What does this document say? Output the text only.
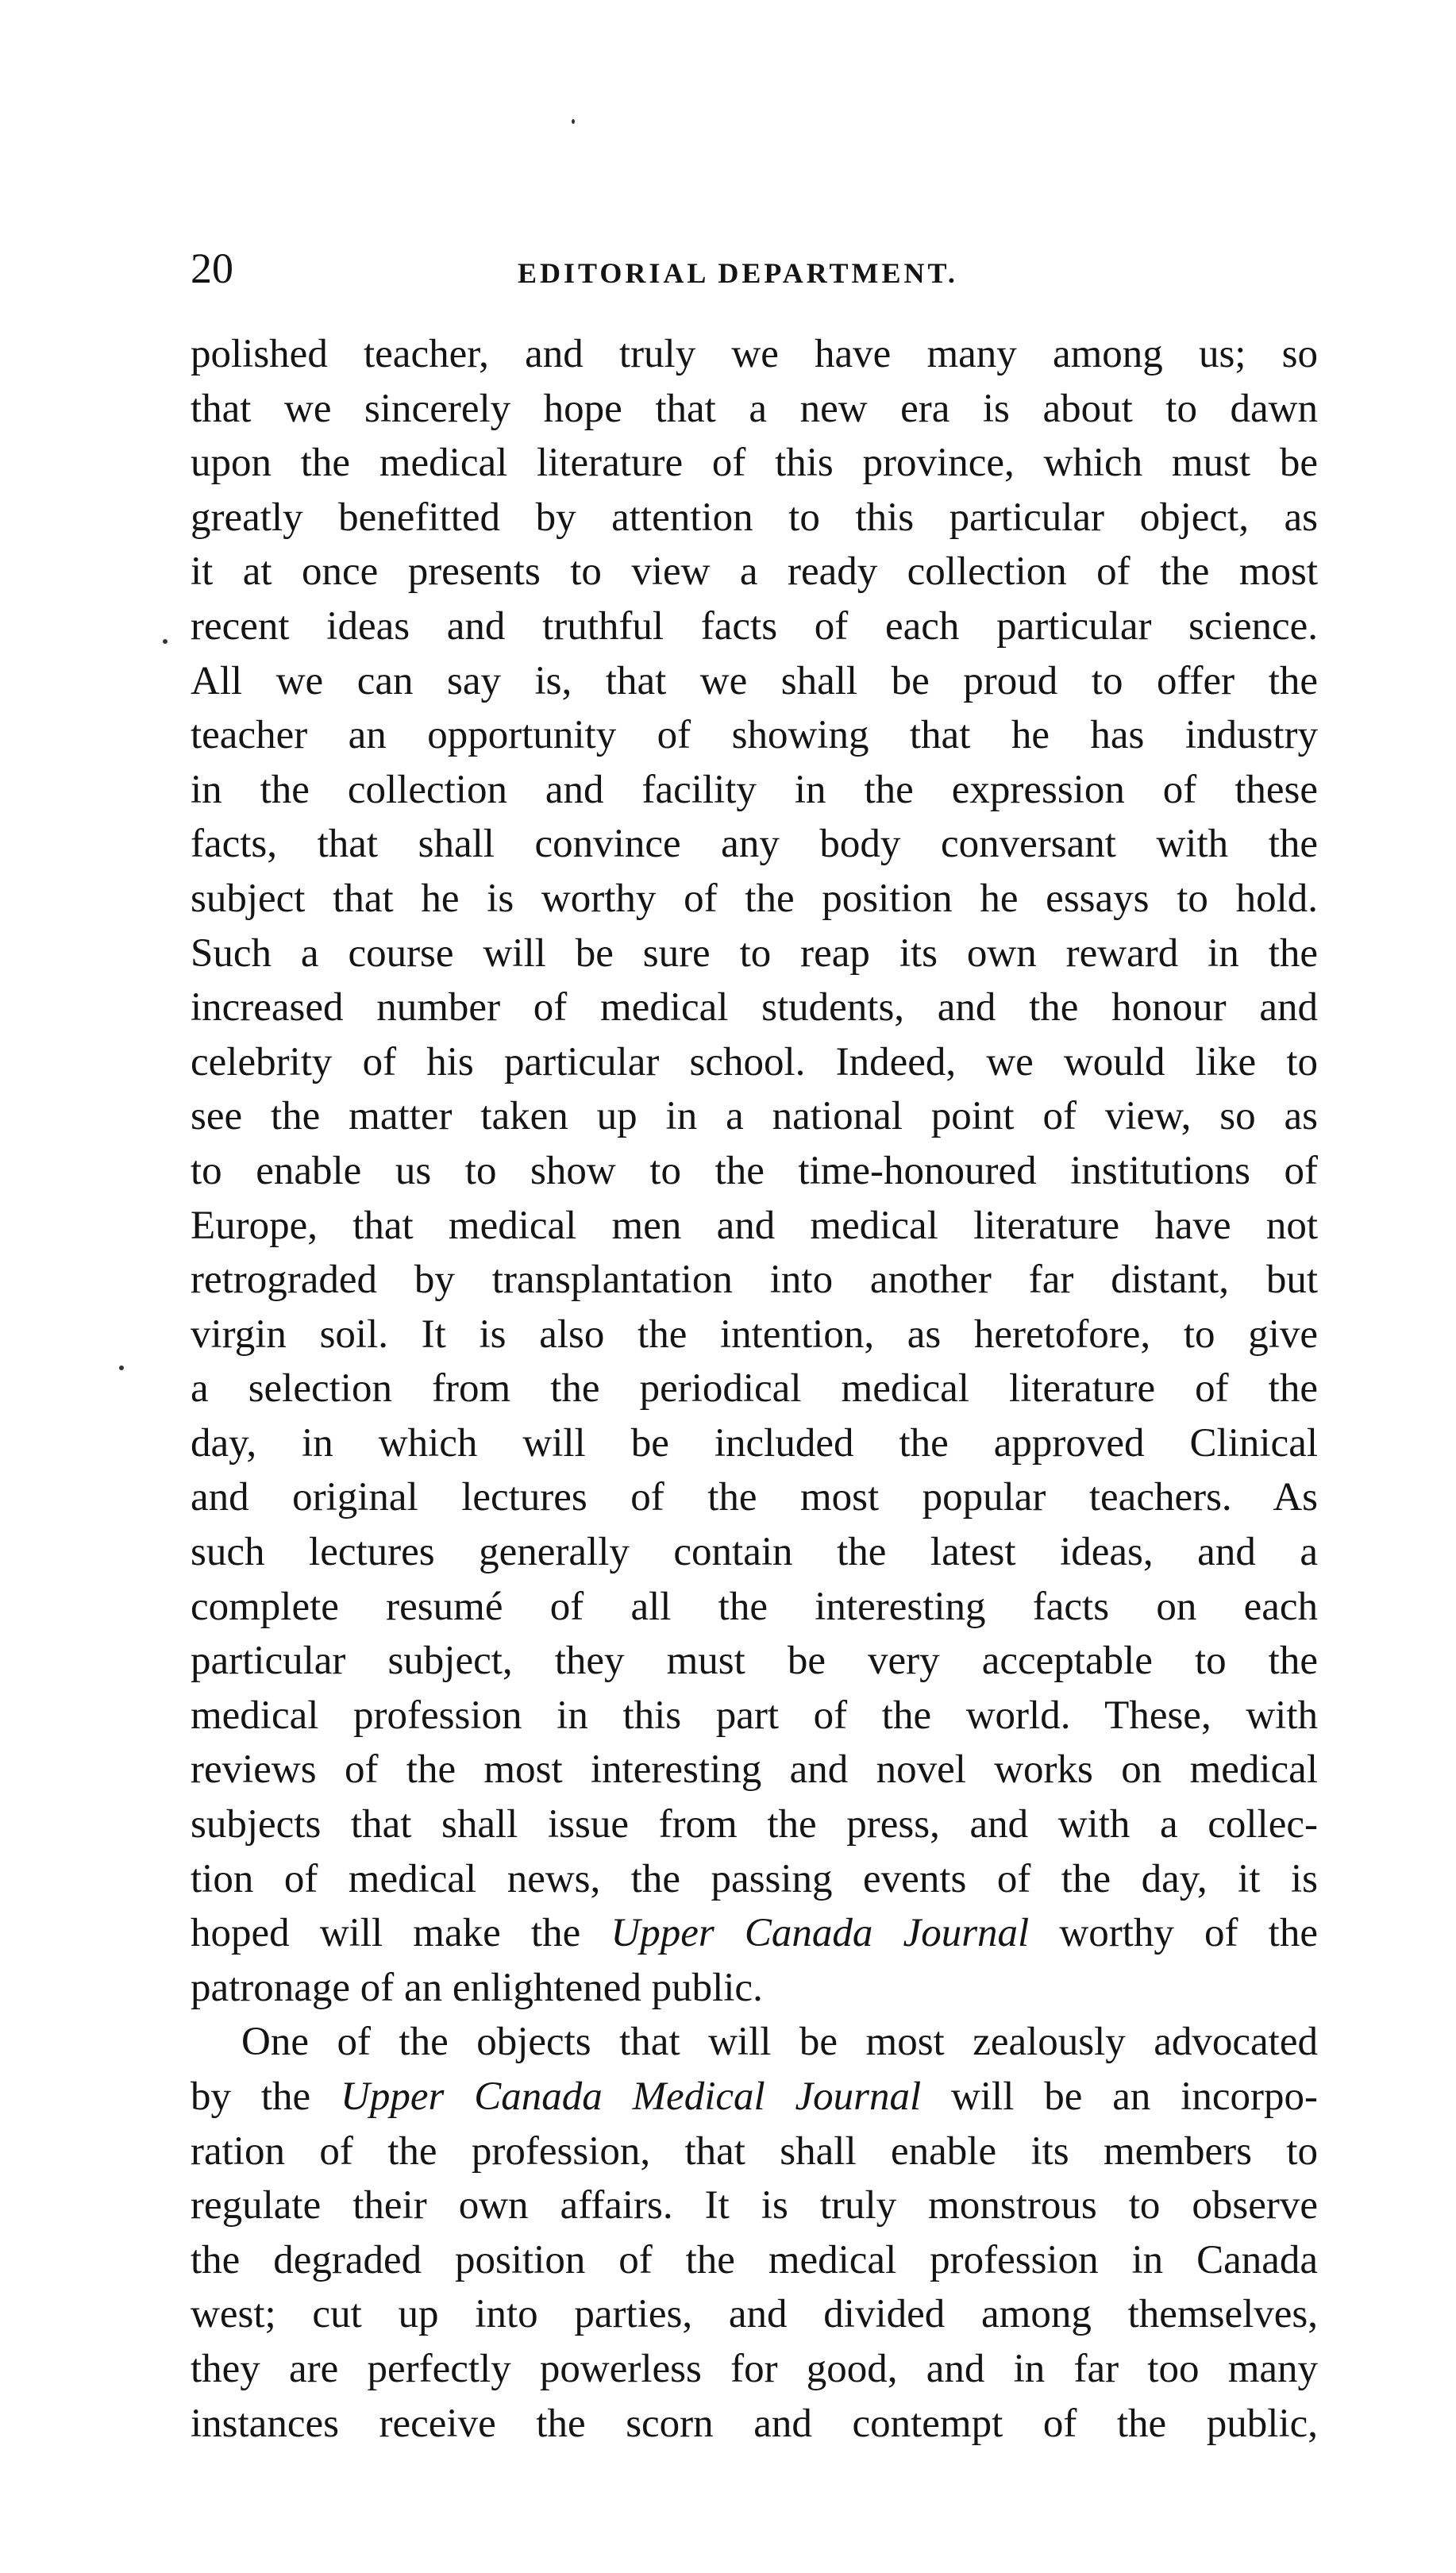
20	EDITORIAL DEPARTMENT.
polished teacher, and truly we have many among us; so
that we sincerely hope that a new era is about to dawn
upon the medical literature of this province, which must be
greatly benefitted by attention to this particular object, as
it at once presents to view a ready collection of the most
recent ideas and truthful facts of each particular science.
All we can say is, that we shall be proud to offer the
teacher an opportunity of showing that he has industry
in the collection and facility in the expression of these
facts, that shall convince any body conversant with the
subject that he is worthy of the position he essays to hold.
Such a course will be sure to reap its own reward in the
increased number of medical students, and the honour and
celebrity of his particular school. Indeed, we would like to
see the matter taken up in a national point of view, so as
to enable us to show to the time-honoured institutions of
Europe, that medical men and medical literature have not
retrograded by transplantation into another far distant, but
virgin soil. It is also the intention, as heretofore, to give
a selection from the periodical medical literature of the
day, in which will be included the approved Clinical
and original lectures of the most popular teachers. As
such lectures generally contain the latest ideas, and a
complete resumé of all the interesting facts on each
particular subject, they must be very acceptable to the
medical profession in this part of the world. These, with
reviews of the most interesting and novel works on medical
subjects that shall issue from the press, and with a collec-
tion of medical news, the passing events of the day, it is
hoped will make the Upper Canada Journal worthy of the
patronage of an enlightened public.
One of the objects that will be most zealously advocated
by the Upper Canada Medical Journal will be an incorpo-
ration of the profession, that shall enable its members to
regulate their own affairs. It is truly monstrous to observe
the degraded position of the medical profession in Canada
west; cut up into parties, and divided among themselves,
they are perfectly powerless for good, and in far too many
instances receive the scorn and contempt of the public,
